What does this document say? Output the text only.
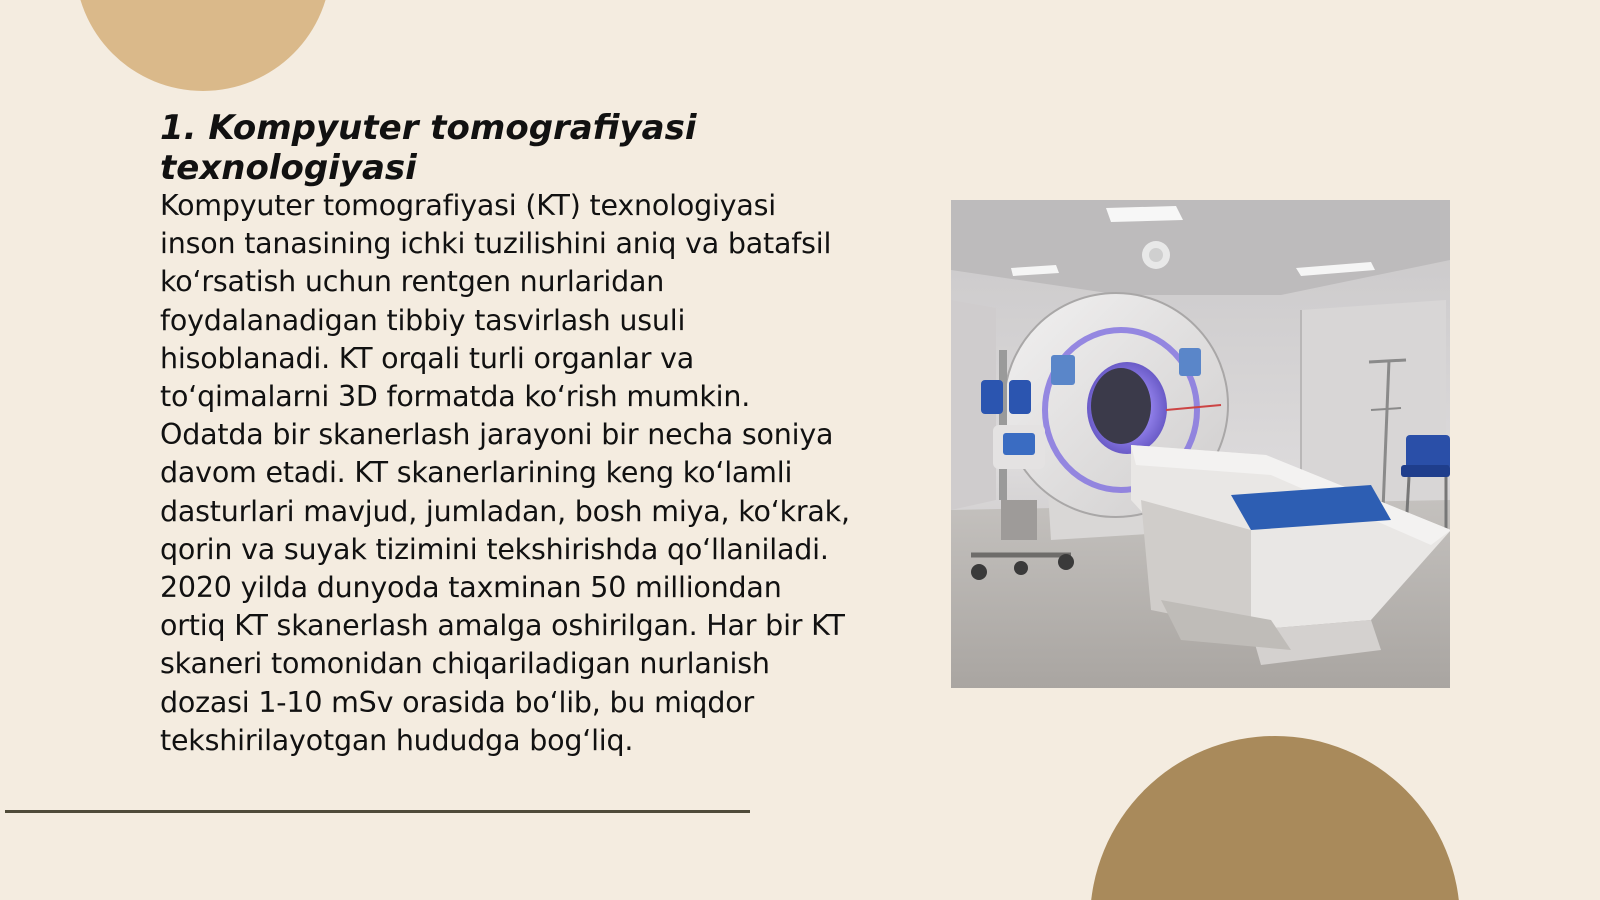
1. Kompyuter tomografiyasi texnologiyasi

Kompyuter tomografiyasi (KT) texnologiyasi inson tanasining ichki tuzilishini aniq va batafsil ko‘rsatish uchun rentgen nurlaridan foydalanadigan tibbiy tasvirlash usuli hisoblanadi. KT orqali turli organlar va to‘qimalarni 3D formatda ko‘rish mumkin. Odatda bir skanerlash jarayoni bir necha soniya davom etadi. KT skanerlarining keng ko‘lamli dasturlari mavjud, jumladan, bosh miya, ko‘krak, qorin va suyak tizimini tekshirishda qo‘llaniladi. 2020 yilda dunyoda taxminan 50 milliondan ortiq KT skanerlash amalga oshirilgan. Har bir KT skaneri tomonidan chiqariladigan nurlanish dozasi 1-10 mSv orasida bo‘lib, bu miqdor tekshirilayotgan hududga bog‘liq.
